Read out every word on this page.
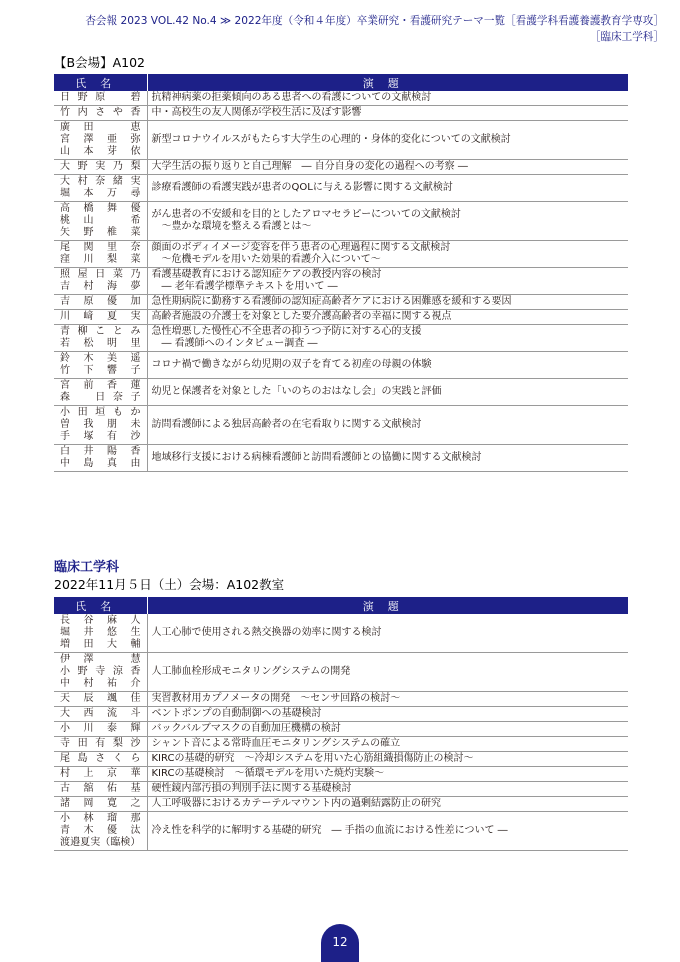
杏会報 2023 VOL.42 No.4 ≫ 2022年度（令和４年度）卒業研究・看護研究テーマ一覧［看護学科看護養護教育学専攻］
［臨床工学科］
【B会場】A102
氏名	演題

日野原　碧	抗精神病薬の拒薬傾向のある患者への看護についての文献検討

竹内さや香	中・高校生の友人関係が学校生活に及ぼす影響

廣田　恵
宮澤亜弥
山本芽依	新型コロナウイルスがもたらす大学生の心理的・身体的変化についての文献検討

大野実乃梨	大学生活の振り返りと自己理解　― 自分自身の変化の過程への考察 ―

大村奈緒実
堀本万尋	診療看護師の看護実践が患者のQOLに与える影響に関する文献検討

高橋舞優
桃山　希
矢野椎菜	がん患者の不安緩和を目的としたアロマセラピーについての文献検討
～豊かな環境を整える看護とは～

尾関里奈
窪川梨菜	顔面のボディイメージ変容を伴う患者の心理過程に関する文献検討
～危機モデルを用いた効果的看護介入について～

照屋日菜乃
吉村海夢	看護基礎教育における認知症ケアの教授内容の検討
― 老年看護学標準テキストを用いて ―

吉原優加	急性期病院に勤務する看護師の認知症高齢者ケアにおける困難感を緩和する要因

川﨑夏実	高齢者施設の介護士を対象とした要介護高齢者の幸福に関する視点

青柳ことみ
若松明里	急性増悪した慢性心不全患者の抑うつ予防に対する心的支援
― 看護師へのインタビュー調査 ―

鈴木美遥
竹下響子	コロナ禍で働きながら幼児期の双子を育てる初産の母親の体験

宮前香蓮
森　日奈子	幼児と保護者を対象とした「いのちのおはなし会」の実践と評価

小田垣もか
曽我朋未
手塚有沙	訪問看護師による独居高齢者の在宅看取りに関する文献検討

白井陽香
中島真由	地域移行支援における病棟看護師と訪問看護師との協働に関する文献検討
臨床工学科
2022年11月５日（土）会場：A102教室
氏名	演題

長谷麻人
堀井悠生
増田大輔	人工心肺で使用される熱交換器の効率に関する検討

伊澤　慧
小野寺涼香
中村祐介	人工肺血栓形成モニタリングシステムの開発

天辰颯佳	実習教材用カプノメータの開発　～センサ回路の検討～

大西流斗	ベントポンプの自動制御への基礎検討

小川泰輝	バックバルブマスクの自動加圧機構の検討

寺田有梨沙	シャント音による常時血圧モニタリングシステムの確立

尾島さくら	KIRCの基礎的研究　～冷却システムを用いた心筋組織損傷防止の検討～

村上京華	KIRCの基礎検討　～循環モデルを用いた焼灼実験～

古舘佑基	硬性鏡内部汚損の判別手法に関する基礎検討

諸岡寛之	人工呼吸器におけるカテーテルマウント内の過剰結露防止の研究

小林瑠那
青木優汰
渡邉夏実（臨検）	冷え性を科学的に解明する基礎的研究　― 手指の血流における性差について ―
12
